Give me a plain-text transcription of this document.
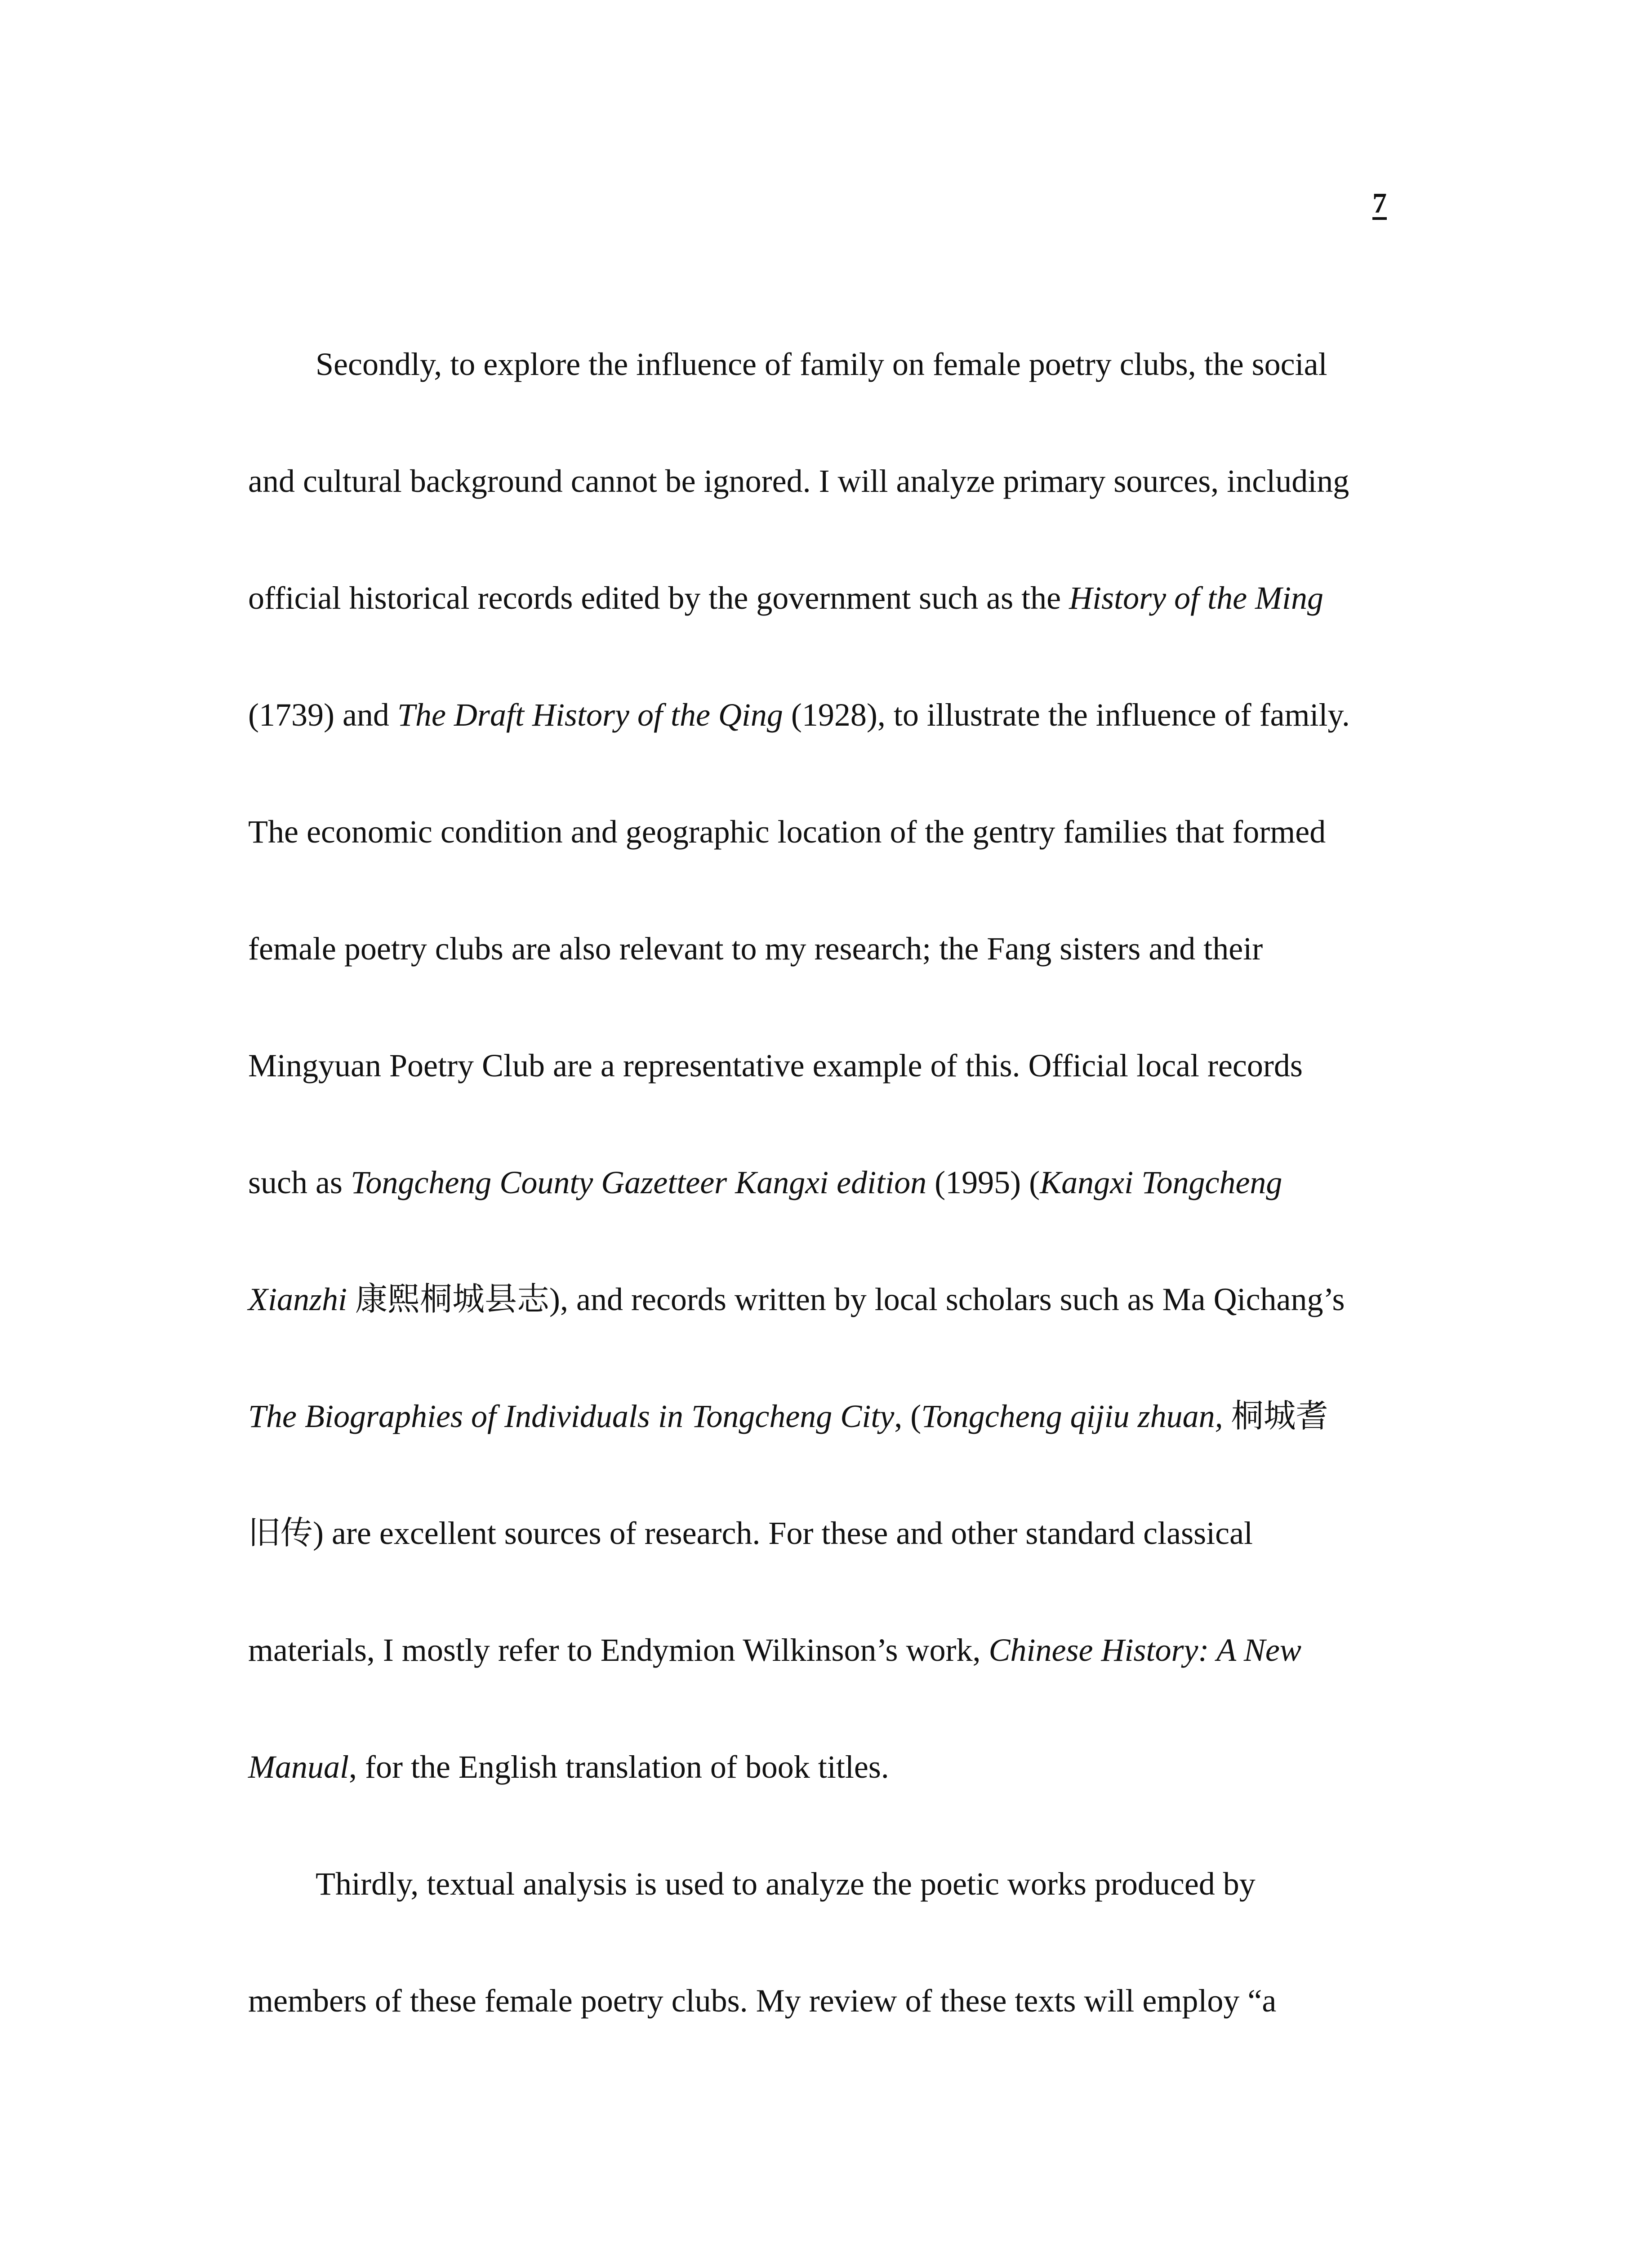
7
Secondly, to explore the influence of family on female poetry clubs, the social
and cultural background cannot be ignored. I will analyze primary sources, including
official historical records edited by the government such as the History of the Ming
(1739) and The Draft History of the Qing (1928), to illustrate the influence of family.
The economic condition and geographic location of the gentry families that formed
female poetry clubs are also relevant to my research; the Fang sisters and their
Mingyuan Poetry Club are a representative example of this. Official local records
such as Tongcheng County Gazetteer Kangxi edition (1995) (Kangxi Tongcheng
Xianzhi 康熙桐城县志), and records written by local scholars such as Ma Qichang’s
The Biographies of Individuals in Tongcheng City, (Tongcheng qijiu zhuan, 桐城耆
旧传) are excellent sources of research. For these and other standard classical
materials, I mostly refer to Endymion Wilkinson’s work, Chinese History: A New
Manual, for the English translation of book titles.
Thirdly, textual analysis is used to analyze the poetic works produced by
members of these female poetry clubs. My review of these texts will employ “a
